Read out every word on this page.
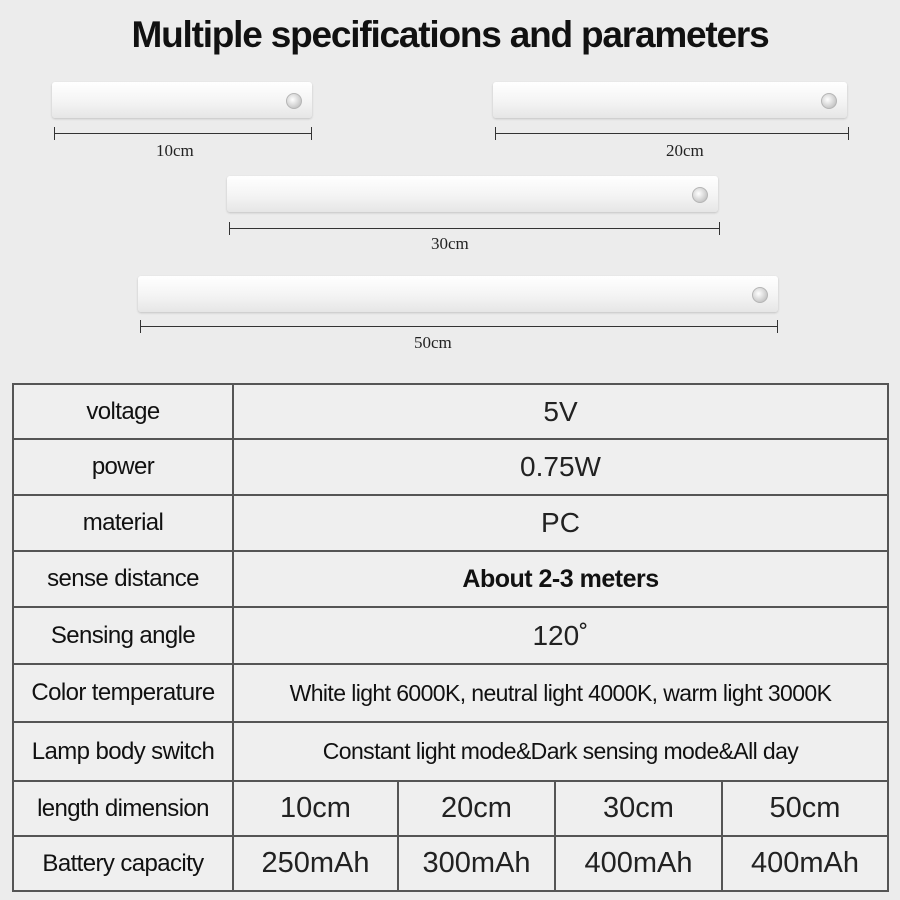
Multiple specifications and parameters
10cm	20cm
30cm
50cm
voltage	5V			
power	0.75W			
material	PC			
sense distance	About 2-3 meters			
Sensing angle	120˚			
Color temperature	White light 6000K, neutral light 4000K, warm light 3000K			
Lamp body switch	Constant light mode&Dark sensing mode&All day			
length dimension	10cm	20cm	30cm	50cm
Battery capacity	250mAh	300mAh	400mAh	400mAh
